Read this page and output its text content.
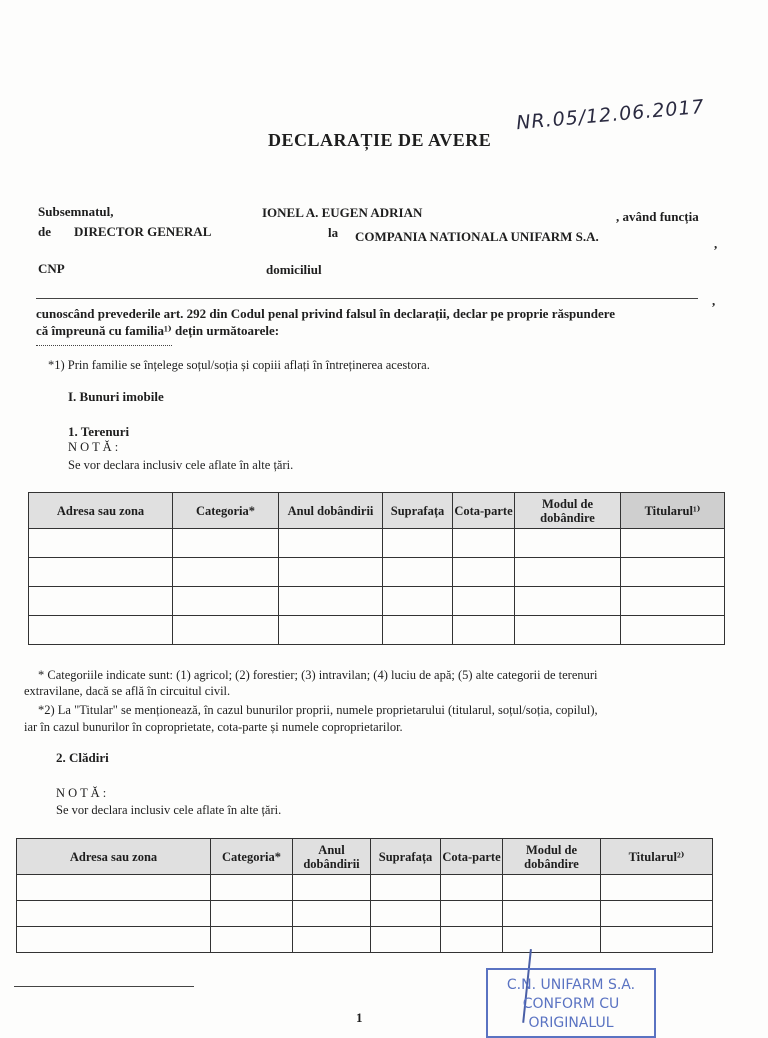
NR.05/12.06.2017
DECLARAȚIE DE AVERE
Subsemnatul,	IONEL A. EUGEN ADRIAN	, având funcția
de DIRECTOR GENERAL	la COMPANIA NATIONALA UNIFARM S.A.	,
CNP	domiciliul
,
cunoscând prevederile art. 292 din Codul penal privind falsul în declarații, declar pe proprie răspundere
că împreună cu familia¹⁾ dețin următoarele:
*1) Prin familie se înțelege soțul/soția și copiii aflați în întreținerea acestora.
I. Bunuri imobile
1. Terenuri
N O T Ă :
Se vor declara inclusiv cele aflate în alte țări.
Adresa sau zona	Categoria*	Anul dobândirii	Suprafața	Cota-parte	Modul de dobândire	Titularul¹⁾

* Categoriile indicate sunt: (1) agricol; (2) forestier; (3) intravilan; (4) luciu de apă; (5) alte categorii de terenuri
extravilane, dacă se află în circuitul civil.
*2) La "Titular" se menționează, în cazul bunurilor proprii, numele proprietarului (titularul, soțul/soția, copilul),
iar în cazul bunurilor în coproprietate, cota-parte și numele coproprietarilor.
2. Clădiri
N O T Ă :
Se vor declara inclusiv cele aflate în alte țări.
Adresa sau zona	Categoria*	Anul dobândirii	Suprafața	Cota-parte	Modul de dobândire	Titularul²⁾

1
C.N. UNIFARM S.A.
CONFORM CU
ORIGINALUL
